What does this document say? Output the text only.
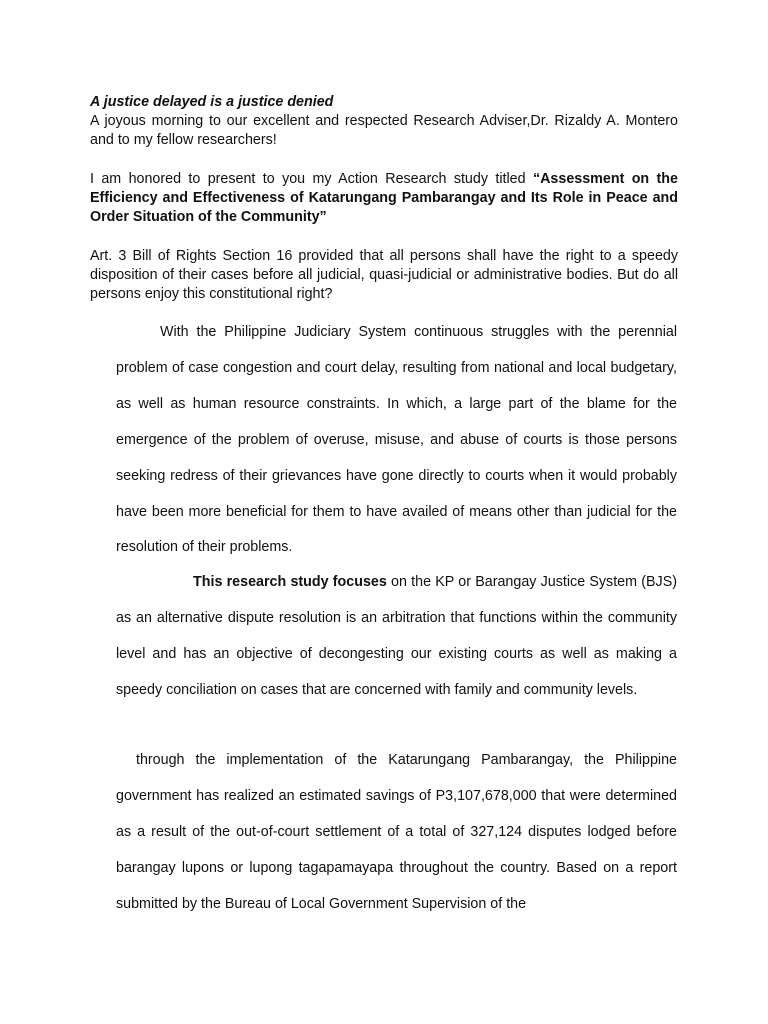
A justice delayed is a justice denied
A joyous morning to our excellent and respected Research Adviser,Dr. Rizaldy A. Montero and to my fellow researchers!
I am honored to present to you my Action Research study titled “Assessment on the Efficiency and Effectiveness of Katarungang Pambarangay and Its Role in Peace and Order Situation of the Community”
Art. 3 Bill of Rights Section 16 provided that all persons shall have the right to a speedy disposition of their cases before all judicial, quasi-judicial or administrative bodies. But do all persons enjoy this constitutional right?
With the Philippine Judiciary System continuous struggles with the perennial problem of case congestion and court delay, resulting from national and local budgetary, as well as human resource constraints. In which, a large part of the blame for the emergence of the problem of overuse, misuse, and abuse of courts is those persons seeking redress of their grievances have gone directly to courts when it would probably have been more beneficial for them to have availed of means other than judicial for the resolution of their problems.
This research study focuses on the KP or Barangay Justice System (BJS) as an alternative dispute resolution is an arbitration that functions within the community level and has an objective of decongesting our existing courts as well as making a speedy conciliation on cases that are concerned with family and community levels.
through the implementation of the Katarungang Pambarangay, the Philippine government has realized an estimated savings of P3,107,678,000 that were determined as a result of the out-of-court settlement of a total of 327,124 disputes lodged before barangay lupons or lupong tagapamayapa throughout the country. Based on a report submitted by the Bureau of Local Government Supervision of the
